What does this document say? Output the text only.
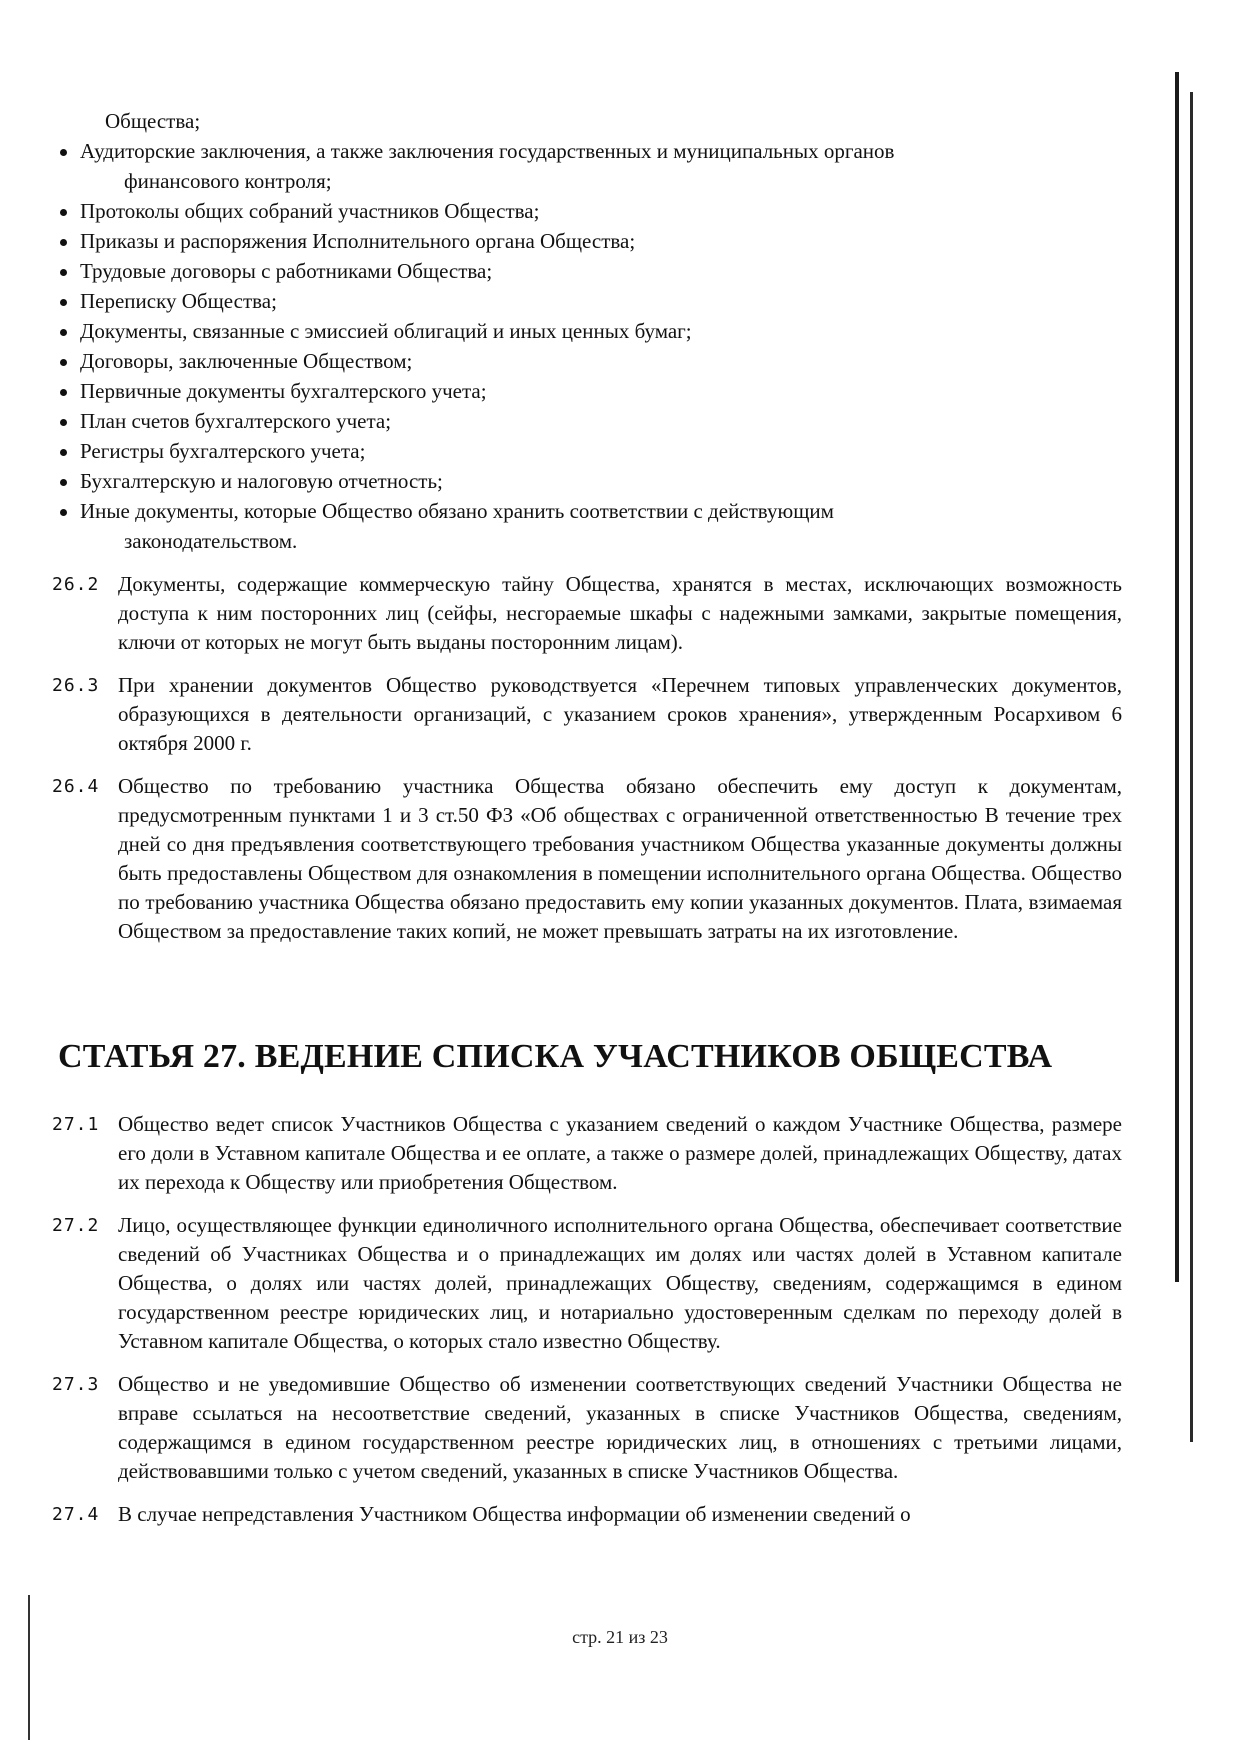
Общества;
Аудиторские заключения, а также заключения государственных и муниципальных органов
финансового контроля;
Протоколы общих собраний участников Общества;
Приказы и распоряжения Исполнительного органа Общества;
Трудовые договоры с работниками Общества;
Переписку Общества;
Документы, связанные с эмиссией облигаций и иных ценных бумаг;
Договоры, заключенные Обществом;
Первичные документы бухгалтерского учета;
План счетов бухгалтерского учета;
Регистры бухгалтерского учета;
Бухгалтерскую и налоговую отчетность;
Иные документы, которые Общество обязано хранить соответствии с действующим
законодательством.
26.2 Документы, содержащие коммерческую тайну Общества, хранятся в местах, исключающих возможность доступа к ним посторонних лиц (сейфы, несгораемые шкафы с надежными замками, закрытые помещения, ключи от которых не могут быть выданы посторонним лицам).
26.3 При хранении документов Общество руководствуется «Перечнем типовых управленческих документов, образующихся в деятельности организаций, с указанием сроков хранения», утвержденным Росархивом 6 октября 2000 г.
26.4 Общество по требованию участника Общества обязано обеспечить ему доступ к документам, предусмотренным пунктами 1 и 3 ст.50 ФЗ «Об обществах с ограниченной ответственностью В течение трех дней со дня предъявления соответствующего требования участником Общества указанные документы должны быть предоставлены Обществом для ознакомления в помещении исполнительного органа Общества. Общество по требованию участника Общества обязано предоставить ему копии указанных документов. Плата, взимаемая Обществом за предоставление таких копий, не может превышать затраты на их изготовление.
СТАТЬЯ 27. ВЕДЕНИЕ СПИСКА УЧАСТНИКОВ ОБЩЕСТВА
27.1 Общество ведет список Участников Общества с указанием сведений о каждом Участнике Общества, размере его доли в Уставном капитале Общества и ее оплате, а также о размере долей, принадлежащих Обществу, датах их перехода к Обществу или приобретения Обществом.
27.2 Лицо, осуществляющее функции единоличного исполнительного органа Общества, обеспечивает соответствие сведений об Участниках Общества и о принадлежащих им долях или частях долей в Уставном капитале Общества, о долях или частях долей, принадлежащих Обществу, сведениям, содержащимся в едином государственном реестре юридических лиц, и нотариально удостоверенным сделкам по переходу долей в Уставном капитале Общества, о которых стало известно Обществу.
27.3 Общество и не уведомившие Общество об изменении соответствующих сведений Участники Общества не вправе ссылаться на несоответствие сведений, указанных в списке Участников Общества, сведениям, содержащимся в едином государственном реестре юридических лиц, в отношениях с третьими лицами, действовавшими только с учетом сведений, указанных в списке Участников Общества.
27.4 В случае непредставления Участником Общества информации об изменении сведений о
стр. 21 из 23
